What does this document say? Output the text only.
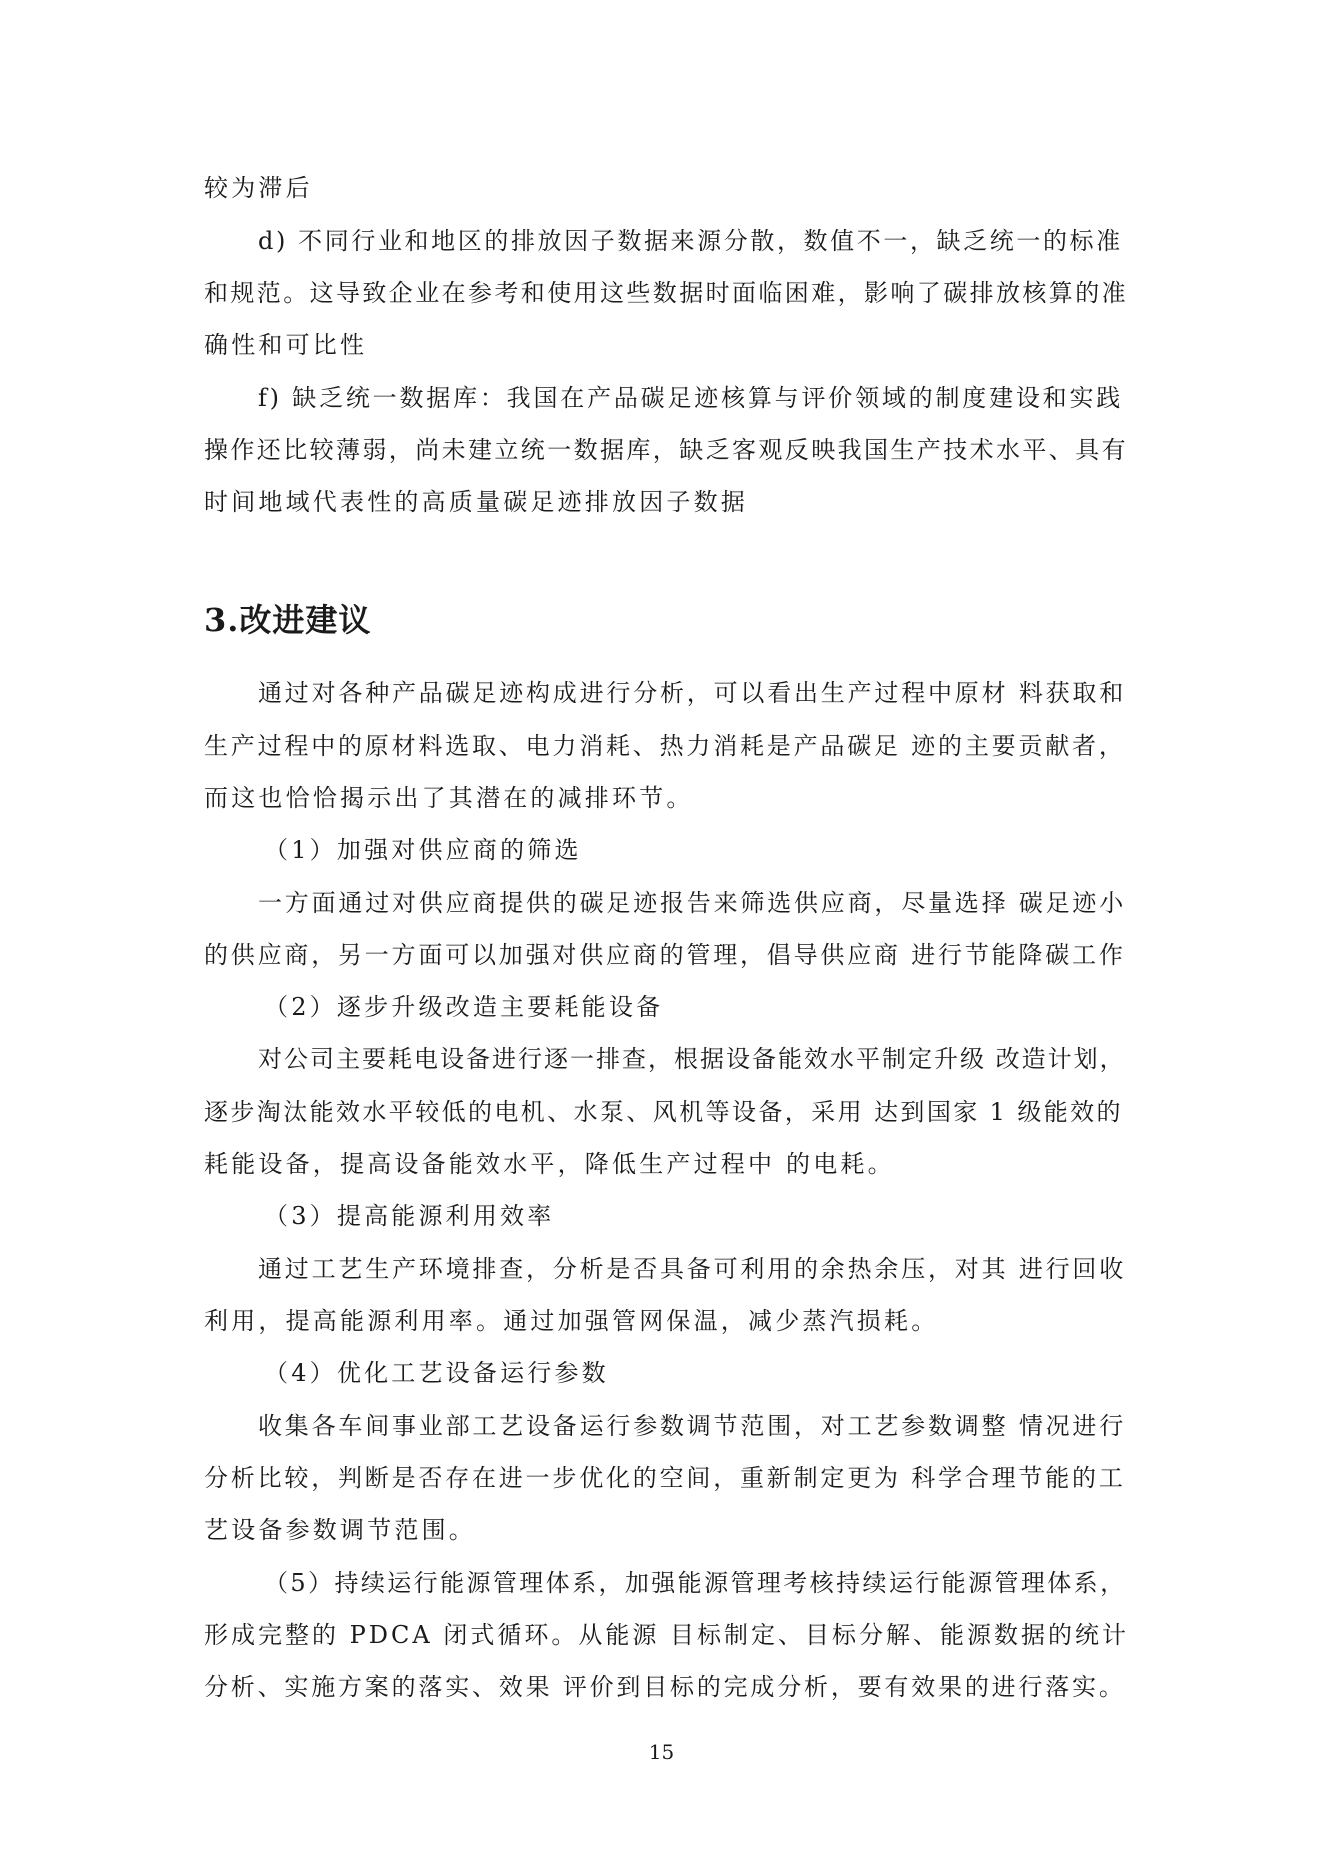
较为滞后
d) 不同行业和地区的排放因子数据来源分散，数值不一，缺乏统一的标准
和规范。这导致企业在参考和使用这些数据时面临困难，影响了碳排放核算的准
确性和可比性
f) 缺乏统一数据库：我国在产品碳足迹核算与评价领域的制度建设和实践
操作还比较薄弱，尚未建立统一数据库，缺乏客观反映我国生产技术水平、具有
时间地域代表性的高质量碳足迹排放因子数据
3.改进建议
通过对各种产品碳足迹构成进行分析，可以看出生产过程中原材 料获取和
生产过程中的原材料选取、电力消耗、热力消耗是产品碳足 迹的主要贡献者，
而这也恰恰揭示出了其潜在的减排环节。
（1）加强对供应商的筛选
一方面通过对供应商提供的碳足迹报告来筛选供应商，尽量选择 碳足迹小
的供应商，另一方面可以加强对供应商的管理，倡导供应商 进行节能降碳工作
（2）逐步升级改造主要耗能设备
对公司主要耗电设备进行逐一排查，根据设备能效水平制定升级 改造计划，
逐步淘汰能效水平较低的电机、水泵、风机等设备，采用 达到国家 1 级能效的
耗能设备，提高设备能效水平，降低生产过程中 的电耗。
（3）提高能源利用效率
通过工艺生产环境排查，分析是否具备可利用的余热余压，对其 进行回收
利用，提高能源利用率。通过加强管网保温，减少蒸汽损耗。
（4）优化工艺设备运行参数
收集各车间事业部工艺设备运行参数调节范围，对工艺参数调整 情况进行
分析比较，判断是否存在进一步优化的空间，重新制定更为 科学合理节能的工
艺设备参数调节范围。
（5）持续运行能源管理体系，加强能源管理考核持续运行能源管理体系，
形成完整的 PDCA 闭式循环。从能源 目标制定、目标分解、能源数据的统计
分析、实施方案的落实、效果 评价到目标的完成分析，要有效果的进行落实。
15
